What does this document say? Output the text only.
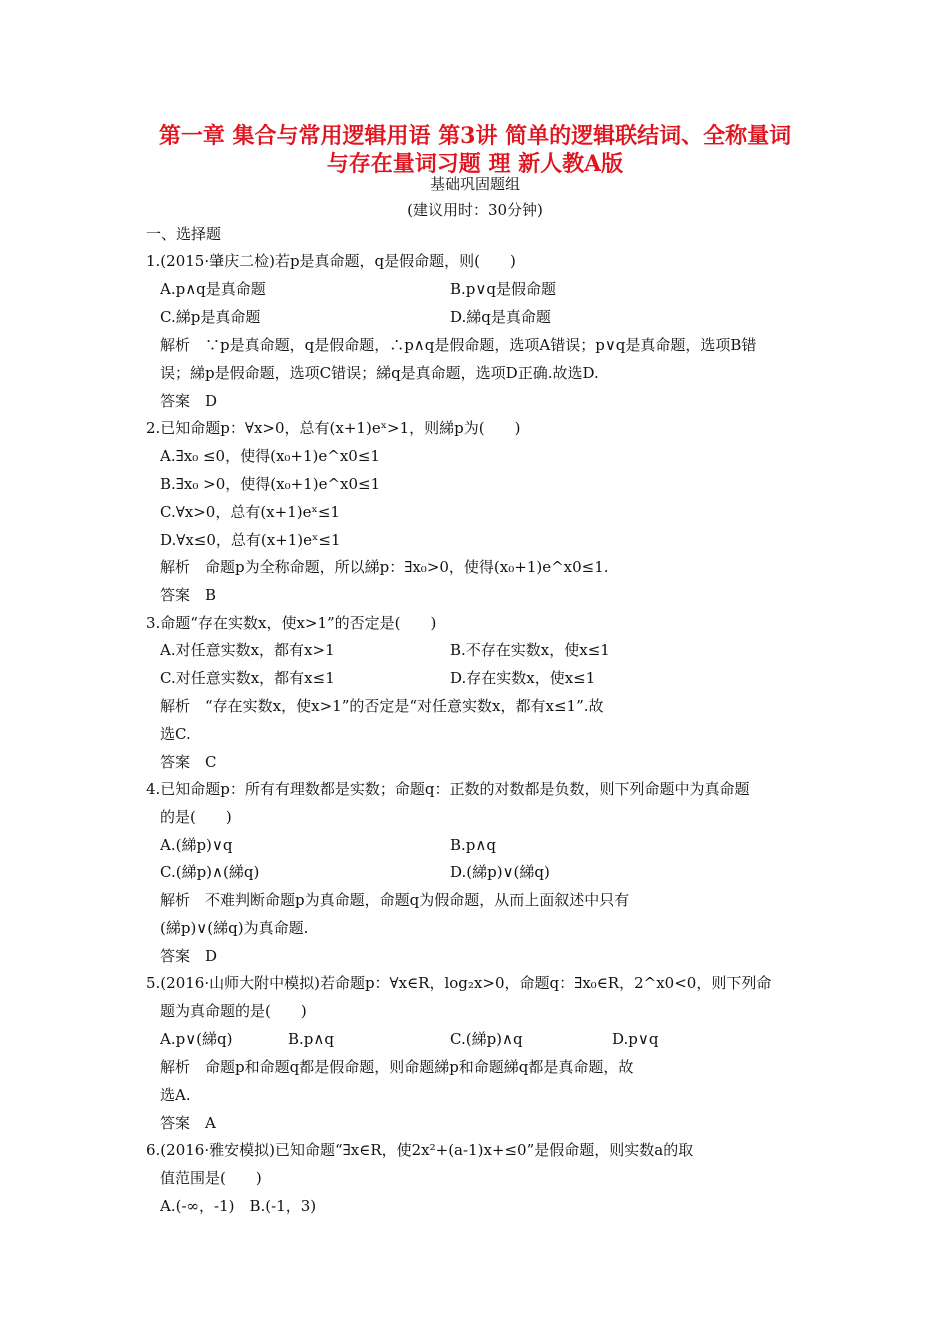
第一章 集合与常用逻辑用语 第3讲 简单的逻辑联结词、全称量词
与存在量词习题 理 新人教A版
基础巩固题组
(建议用时：30分钟)
一、选择题
1.(2015·肇庆二检)若p是真命题，q是假命题，则(　　)
A.p∧q是真命题	B.p∨q是假命题
C.綈p是真命题	D.綈q是真命题
解析　∵p是真命题，q是假命题，∴p∧q是假命题，选项A错误；p∨q是真命题，选项B错
误；綈p是假命题，选项C错误；綈q是真命题，选项D正确.故选D.
答案　D
2.已知命题p：∀x>0，总有(x+1)eˣ>1，则綈p为(　　)
A.∃x₀ ≤0，使得(x₀+1)e^x0≤1
B.∃x₀ >0，使得(x₀+1)e^x0≤1
C.∀x>0，总有(x+1)eˣ≤1
D.∀x≤0，总有(x+1)eˣ≤1
解析　命题p为全称命题，所以綈p：∃x₀>0，使得(x₀+1)e^x0≤1.
答案　B
3.命题“存在实数x，使x>1”的否定是(　　)
A.对任意实数x，都有x>1	B.不存在实数x，使x≤1
C.对任意实数x，都有x≤1	D.存在实数x，使x≤1
解析　“存在实数x，使x>1”的否定是“对任意实数x，都有x≤1”.故
选C.
答案　C
4.已知命题p：所有有理数都是实数；命题q：正数的对数都是负数，则下列命题中为真命题
的是(　　)
A.(綈p)∨q	B.p∧q
C.(綈p)∧(綈q)	D.(綈p)∨(綈q)
解析　不难判断命题p为真命题，命题q为假命题，从而上面叙述中只有
(綈p)∨(綈q)为真命题.
答案　D
5.(2016·山师大附中模拟)若命题p：∀x∈R，log₂x>0，命题q：∃x₀∈R，2^x0<0，则下列命
题为真命题的是(　　)
A.p∨(綈q)	B.p∧q	C.(綈p)∧q	D.p∨q
解析　命题p和命题q都是假命题，则命题綈p和命题綈q都是真命题，故
选A.
答案　A
6.(2016·雅安模拟)已知命题“∃x∈R，使2x²+(a-1)x+≤0”是假命题，则实数a的取
值范围是(　　)
A.(-∞，-1)　B.(-1，3)
